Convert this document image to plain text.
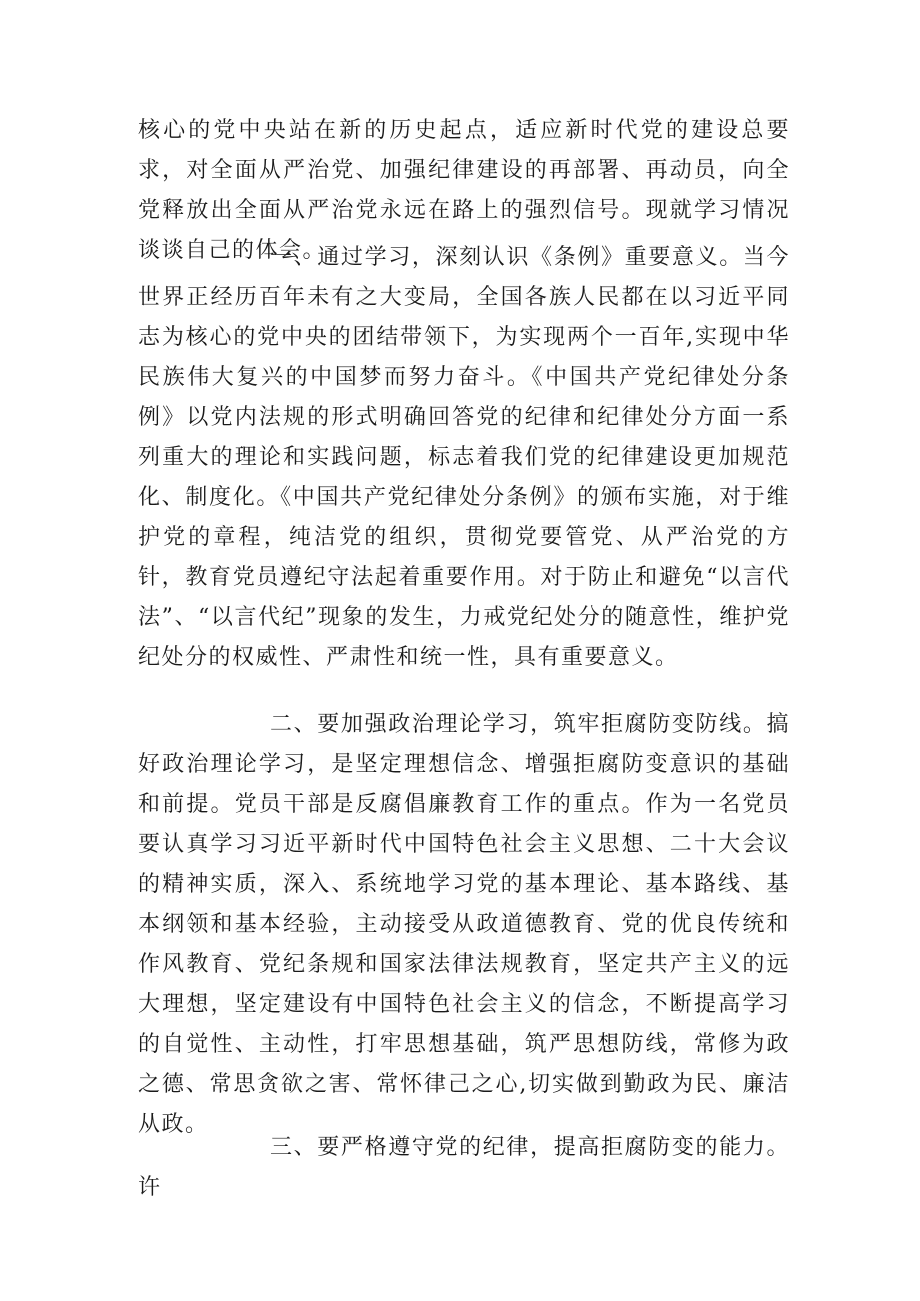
核心的党中央站在新的历史起点，适应新时代党的建设总要求，对全面从严治党、加强纪律建设的再部署、再动员，向全党释放出全面从严治党永远在路上的强烈信号。现就学习情况谈谈自己的体会。

一、通过学习，深刻认识《条例》重要意义。当今世界正经历百年未有之大变局，全国各族人民都在以习近平同志为核心的党中央的团结带领下，为实现两个一百年,实现中华民族伟大复兴的中国梦而努力奋斗。《中国共产党纪律处分条例》以党内法规的形式明确回答党的纪律和纪律处分方面一系列重大的理论和实践问题，标志着我们党的纪律建设更加规范化、制度化。《中国共产党纪律处分条例》的颁布实施，对于维护党的章程，纯洁党的组织，贯彻党要管党、从严治党的方针，教育党员遵纪守法起着重要作用。对于防止和避免“以言代法”、“以言代纪”现象的发生，力戒党纪处分的随意性，维护党纪处分的权威性、严肃性和统一性，具有重要意义。

二、要加强政治理论学习，筑牢拒腐防变防线。搞好政治理论学习，是坚定理想信念、增强拒腐防变意识的基础和前提。党员干部是反腐倡廉教育工作的重点。作为一名党员要认真学习习近平新时代中国特色社会主义思想、二十大会议的精神实质，深入、系统地学习党的基本理论、基本路线、基本纲领和基本经验，主动接受从政道德教育、党的优良传统和作风教育、党纪条规和国家法律法规教育，坚定共产主义的远大理想，坚定建设有中国特色社会主义的信念，不断提高学习的自觉性、主动性，打牢思想基础，筑严思想防线，常修为政之德、常思贪欲之害、常怀律己之心,切实做到勤政为民、廉洁从政。

三、要严格遵守党的纪律，提高拒腐防变的能力。许
